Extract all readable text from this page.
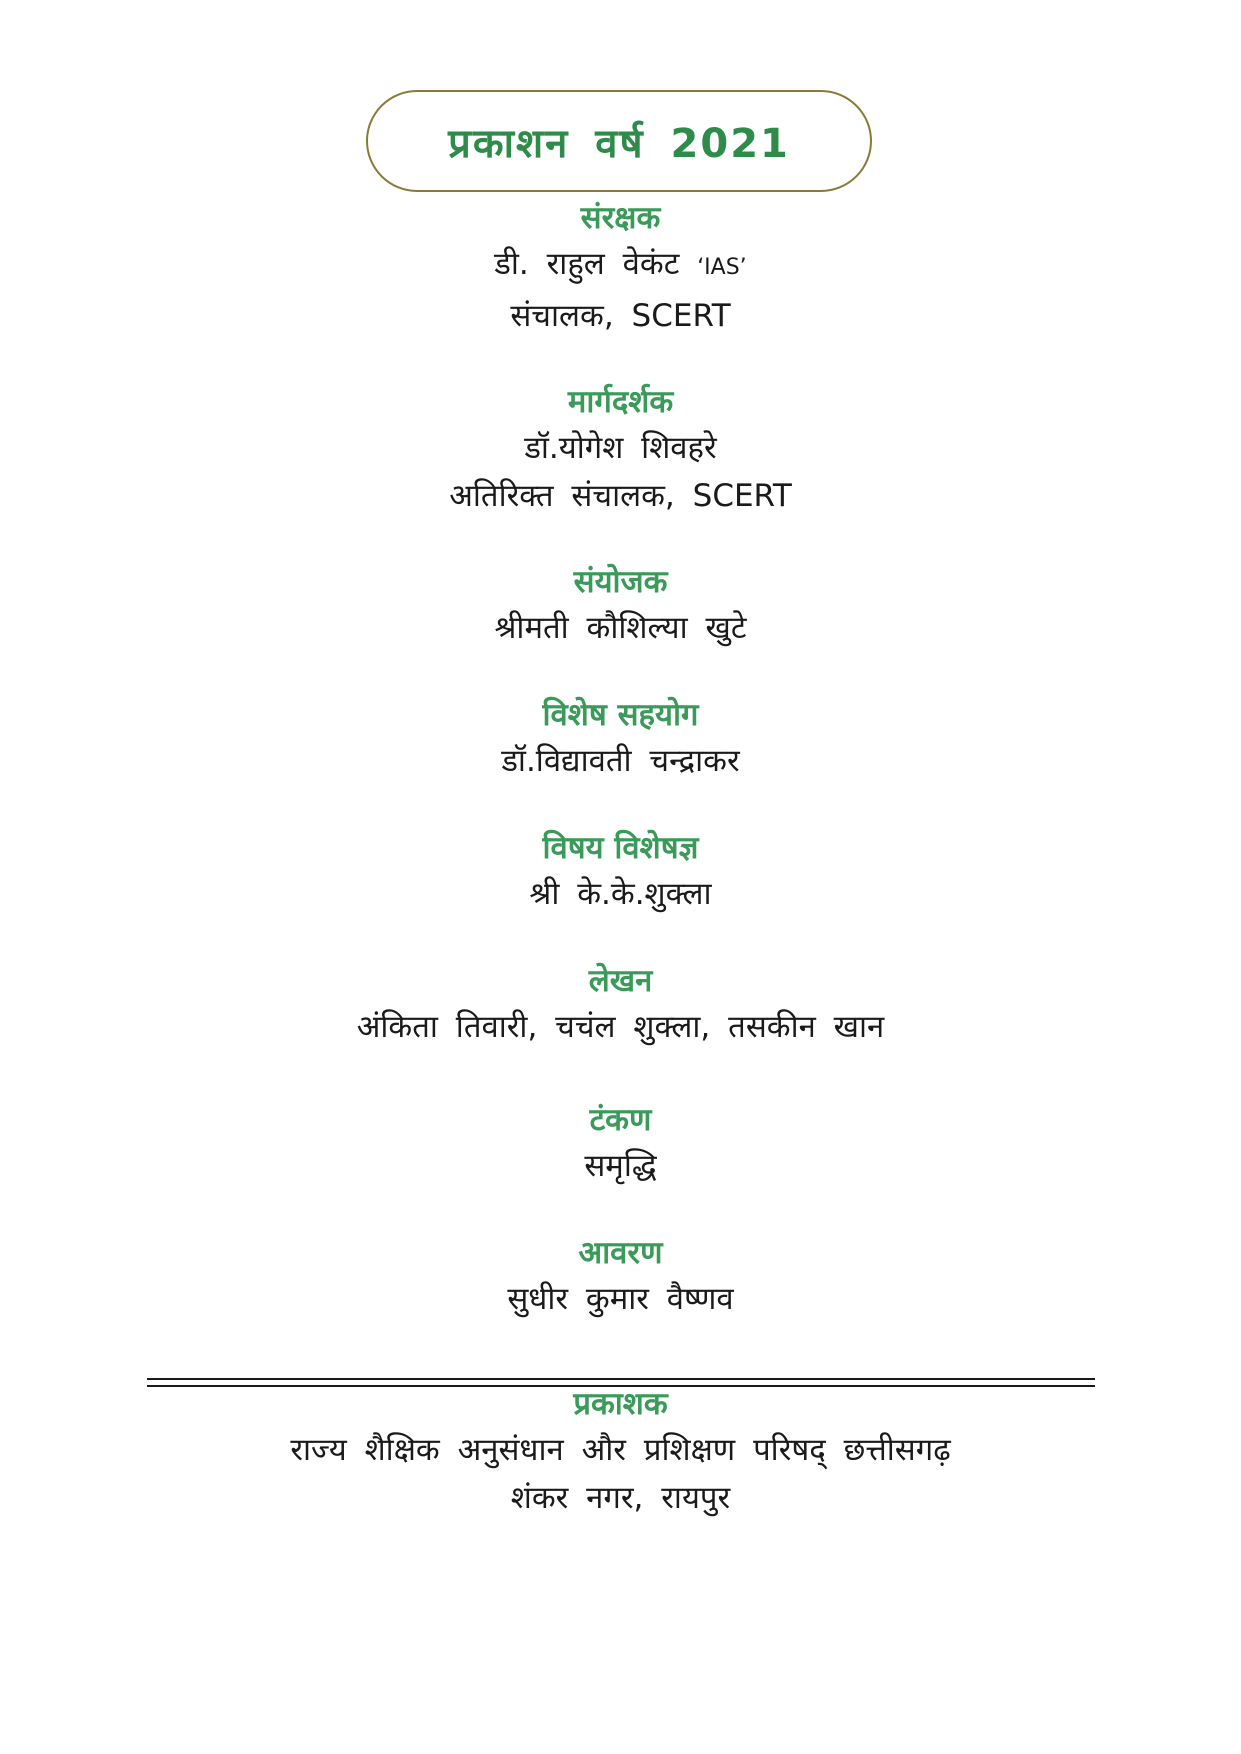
प्रकाशन वर्ष 2021
संरक्षक
डी. राहुल वेकंट ‘IAS’
संचालक, SCERT
मार्गदर्शक
डॉ.योगेश शिवहरे
अतिरिक्त संचालक, SCERT
संयोजक
श्रीमती कौशिल्या खुटे
विशेष सहयोग
डॉ.विद्यावती चन्द्राकर
विषय विशेषज्ञ
श्री के.के.शुक्ला
लेखन
अंकिता तिवारी, चचंल शुक्ला, तसकीन खान
टंकण
समृद्धि
आवरण
सुधीर कुमार वैष्णव
प्रकाशक
राज्य शैक्षिक अनुसंधान और प्रशिक्षण परिषद् छत्तीसगढ़
शंकर नगर, रायपुर
